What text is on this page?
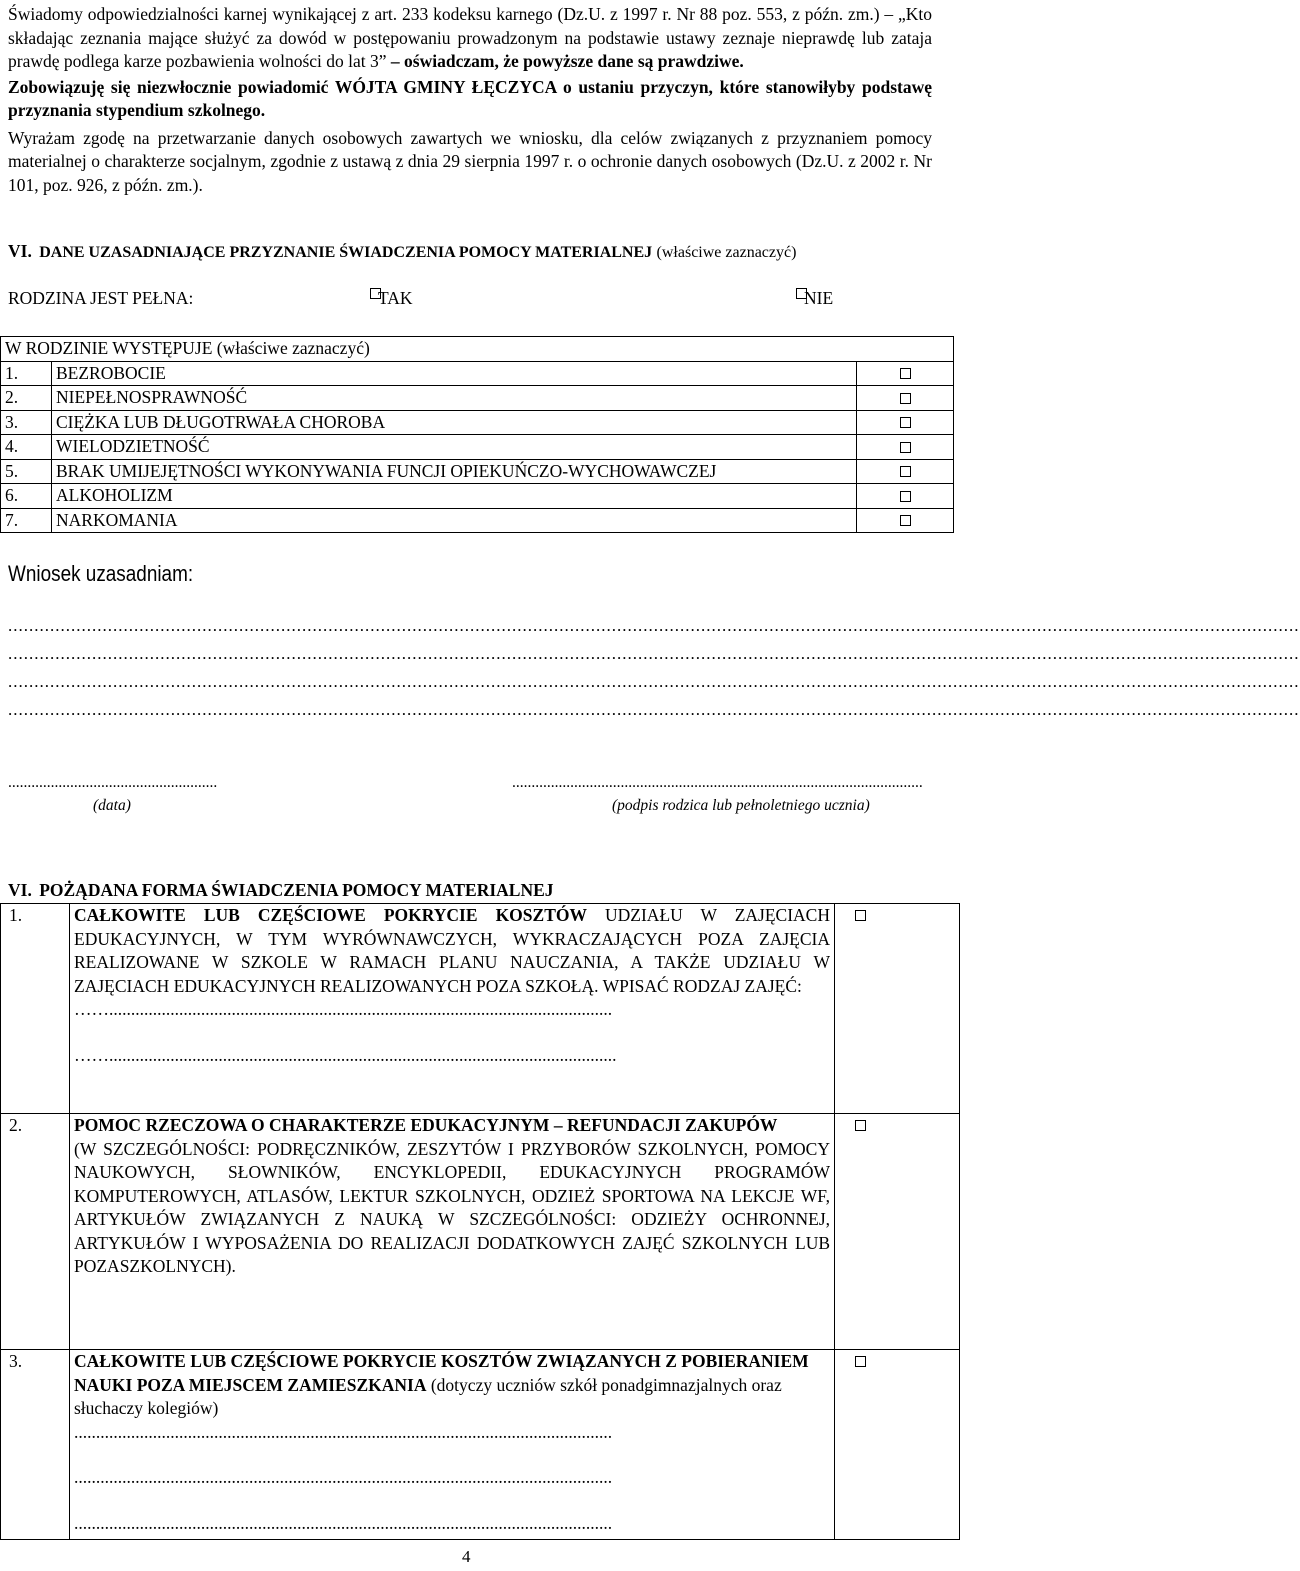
Świadomy odpowiedzialności karnej wynikającej z art. 233 kodeksu karnego (Dz.U. z 1997 r. Nr 88 poz. 553, z późn. zm.) – „Kto składając zeznania mające służyć za dowód w postępowaniu prowadzonym na podstawie ustawy zeznaje nieprawdę lub zataja prawdę podlega karze pozbawienia wolności do lat 3” – oświadczam, że powyższe dane są prawdziwe.

Zobowiązuję się niezwłocznie powiadomić WÓJTA GMINY ŁĘCZYCA o ustaniu przyczyn, które stanowiłyby podstawę przyznania stypendium szkolnego.

Wyrażam zgodę na przetwarzanie danych osobowych zawartych we wniosku, dla celów związanych z przyznaniem pomocy materialnej o charakterze socjalnym, zgodnie z ustawą z dnia 29 sierpnia 1997 r. o ochronie danych osobowych (Dz.U. z 2002 r. Nr 101, poz. 926, z późn. zm.).

VI. DANE UZASADNIAJĄCE PRZYZNANIE ŚWIADCZENIA POMOCY MATERIALNEJ (właściwe zaznaczyć)
RODZINA JEST PEŁNA:	TAK	NIE
W RODZINIE WYSTĘPUJE (właściwe zaznaczyć)		
1.	BEZROBOCIE	
2.	NIEPEŁNOSPRAWNOŚĆ	
3.	CIĘŻKA LUB DŁUGOTRWAŁA CHOROBA	
4.	WIELODZIETNOŚĆ	
5.	BRAK UMIJEJĘTNOŚCI WYKONYWANIA FUNCJI OPIEKUŃCZO-WYCHOWAWCZEJ	
6.	ALKOHOLIZM	
7.	NARKOMANIA	
Wniosek uzasadniam:
......................................................................................................................................................................................................................................................
......................................................................................................................................................................................................................................................
......................................................................................................................................................................................................................................................
......................................................................................................................................................................................................................................................
......................................................	..........................................................................................................
(data)	(podpis rodzica lub pełnoletniego ucznia)
VI. POŻĄDANA FORMA ŚWIADCZENIA POMOCY MATERIALNEJ
1.	CAŁKOWITE LUB CZĘŚCIOWE POKRYCIE KOSZTÓW UDZIAŁU W ZAJĘCIACH EDUKACYJNYCH, W TYM WYRÓWNAWCZYCH, WYKRACZAJĄCYCH POZA ZAJĘCIA REALIZOWANE W SZKOLE W RAMACH PLANU NAUCZANIA, A TAKŻE UDZIAŁU W ZAJĘCIACH EDUKACYJNYCH REALIZOWANYCH POZA SZKOŁĄ. WPISAĆ RODZAJ ZAJĘĆ:
……...................................................................................................................
……....................................................................................................................	

2.	POMOC RZECZOWA O CHARAKTERZE EDUKACYJNYM – REFUNDACJI ZAKUPÓW
(W SZCZEGÓLNOŚCI: PODRĘCZNIKÓW, ZESZYTÓW I PRZYBORÓW SZKOLNYCH, POMOCY NAUKOWYCH, SŁOWNIKÓW, ENCYKLOPEDII, EDUKACYJNYCH PROGRAMÓW KOMPUTEROWYCH, ATLASÓW, LEKTUR SZKOLNYCH, ODZIEŻ SPORTOWA NA LEKCJE WF, ARTYKUŁÓW ZWIĄZANYCH Z NAUKĄ W SZCZEGÓLNOŚCI: ODZIEŻY OCHRONNEJ, ARTYKUŁÓW I WYPOSAŻENIA DO REALIZACJI DODATKOWYCH ZAJĘĆ SZKOLNYCH LUB POZASZKOLNYCH).	

3.	CAŁKOWITE LUB CZĘŚCIOWE POKRYCIE KOSZTÓW ZWIĄZANYCH Z POBIERANIEM NAUKI POZA MIEJSCEM ZAMIESZKANIA (dotyczy uczniów szkół ponadgimnazjalnych oraz słuchaczy kolegiów)
...........................................................................................................................
...........................................................................................................................
...........................................................................................................................	

4
